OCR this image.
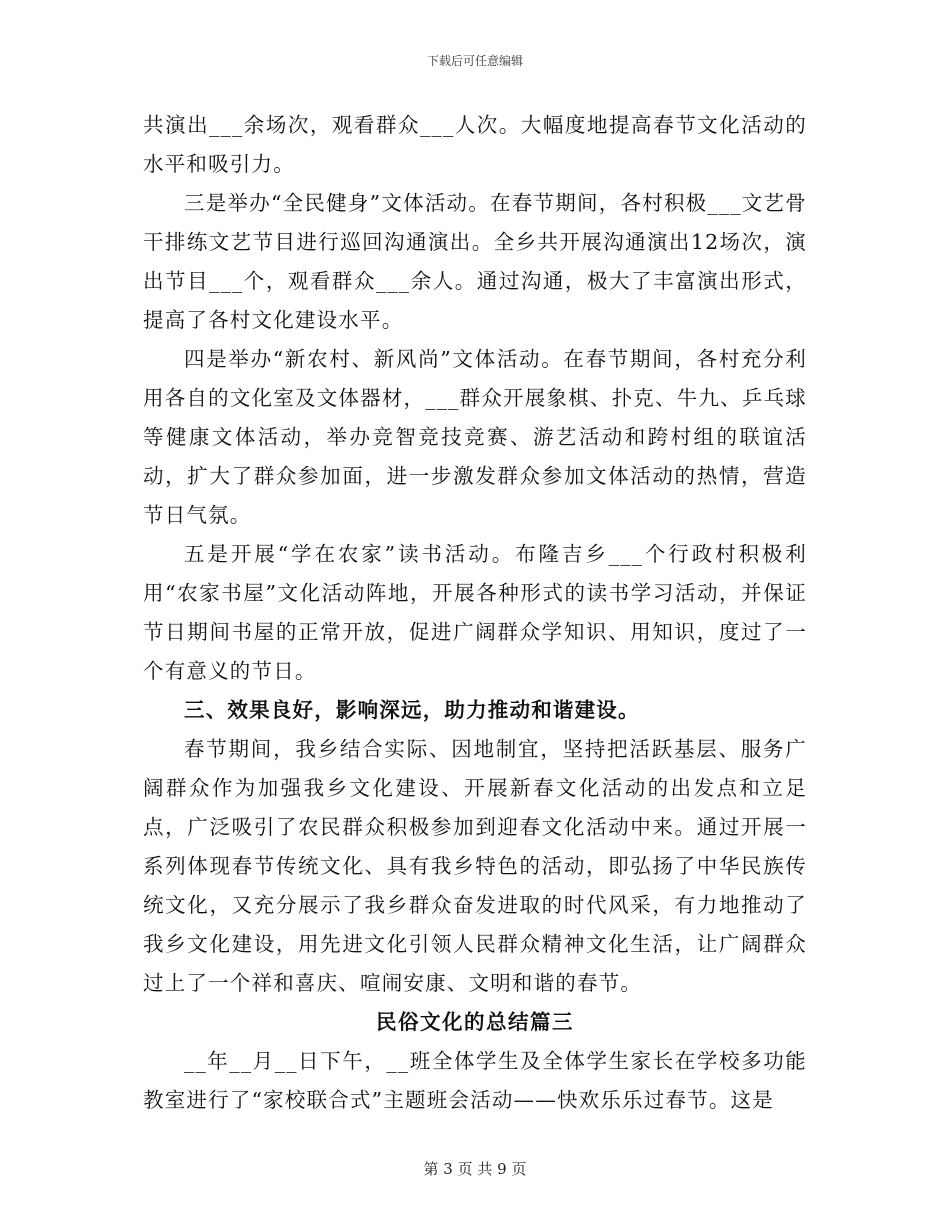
下载后可任意编辑

共演出___余场次，观看群众___人次。大幅度地提高春节文化活动的水平和吸引力。

三是举办“全民健身”文体活动。在春节期间，各村积极___文艺骨干排练文艺节目进行巡回沟通演出。全乡共开展沟通演出12场次，演出节目___个，观看群众___余人。通过沟通，极大了丰富演出形式，提高了各村文化建设水平。

四是举办“新农村、新风尚”文体活动。在春节期间，各村充分利用各自的文化室及文体器材，___群众开展象棋、扑克、牛九、乒乓球等健康文体活动，举办竞智竞技竞赛、游艺活动和跨村组的联谊活动，扩大了群众参加面，进一步激发群众参加文体活动的热情，营造节日气氛。

五是开展“学在农家”读书活动。布隆吉乡___个行政村积极利用“农家书屋”文化活动阵地，开展各种形式的读书学习活动，并保证节日期间书屋的正常开放，促进广阔群众学知识、用知识，度过了一个有意义的节日。

三、效果良好，影响深远，助力推动和谐建设。

春节期间，我乡结合实际、因地制宜，坚持把活跃基层、服务广阔群众作为加强我乡文化建设、开展新春文化活动的出发点和立足点，广泛吸引了农民群众积极参加到迎春文化活动中来。通过开展一系列体现春节传统文化、具有我乡特色的活动，即弘扬了中华民族传统文化，又充分展示了我乡群众奋发进取的时代风采，有力地推动了我乡文化建设，用先进文化引领人民群众精神文化生活，让广阔群众过上了一个祥和喜庆、喧闹安康、文明和谐的春节。

民俗文化的总结篇三

__年__月__日下午，__班全体学生及全体学生家长在学校多功能教室进行了“家校联合式”主题班会活动——快欢乐乐过春节。这是

第 3 页 共 9 页
